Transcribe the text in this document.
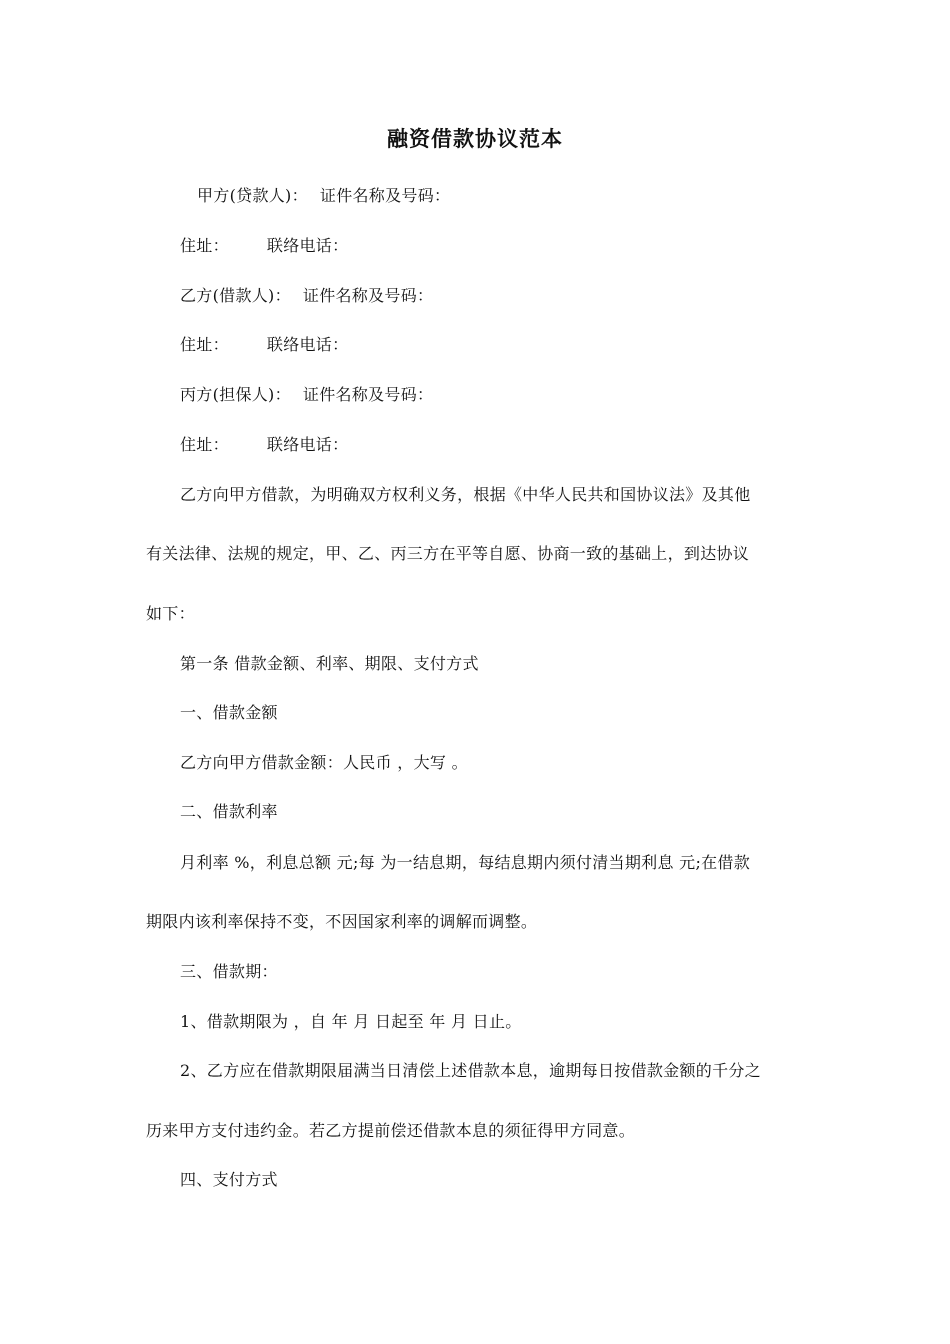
融资借款协议范本
甲方(贷款人)： 证件名称及号码：
住址： 联络电话：
乙方(借款人)： 证件名称及号码：
住址： 联络电话：
丙方(担保人)： 证件名称及号码：
住址： 联络电话：
乙方向甲方借款，为明确双方权利义务，根据《中华人民共和国协议法》及其他
有关法律、法规的规定，甲、乙、丙三方在平等自愿、协商一致的基础上，到达协议
如下：
第一条 借款金额、利率、期限、支付方式
一、借款金额
乙方向甲方借款金额：人民币 ，大写 。
二、借款利率
月利率 %，利息总额 元;每 为一结息期，每结息期内须付清当期利息 元;在借款
期限内该利率保持不变，不因国家利率的调解而调整。
三、借款期：
1、借款期限为 ，自 年 月 日起至 年 月 日止。
2、乙方应在借款期限届满当日清偿上述借款本息，逾期每日按借款金额的千分之
历来甲方支付违约金。若乙方提前偿还借款本息的须征得甲方同意。
四、支付方式
